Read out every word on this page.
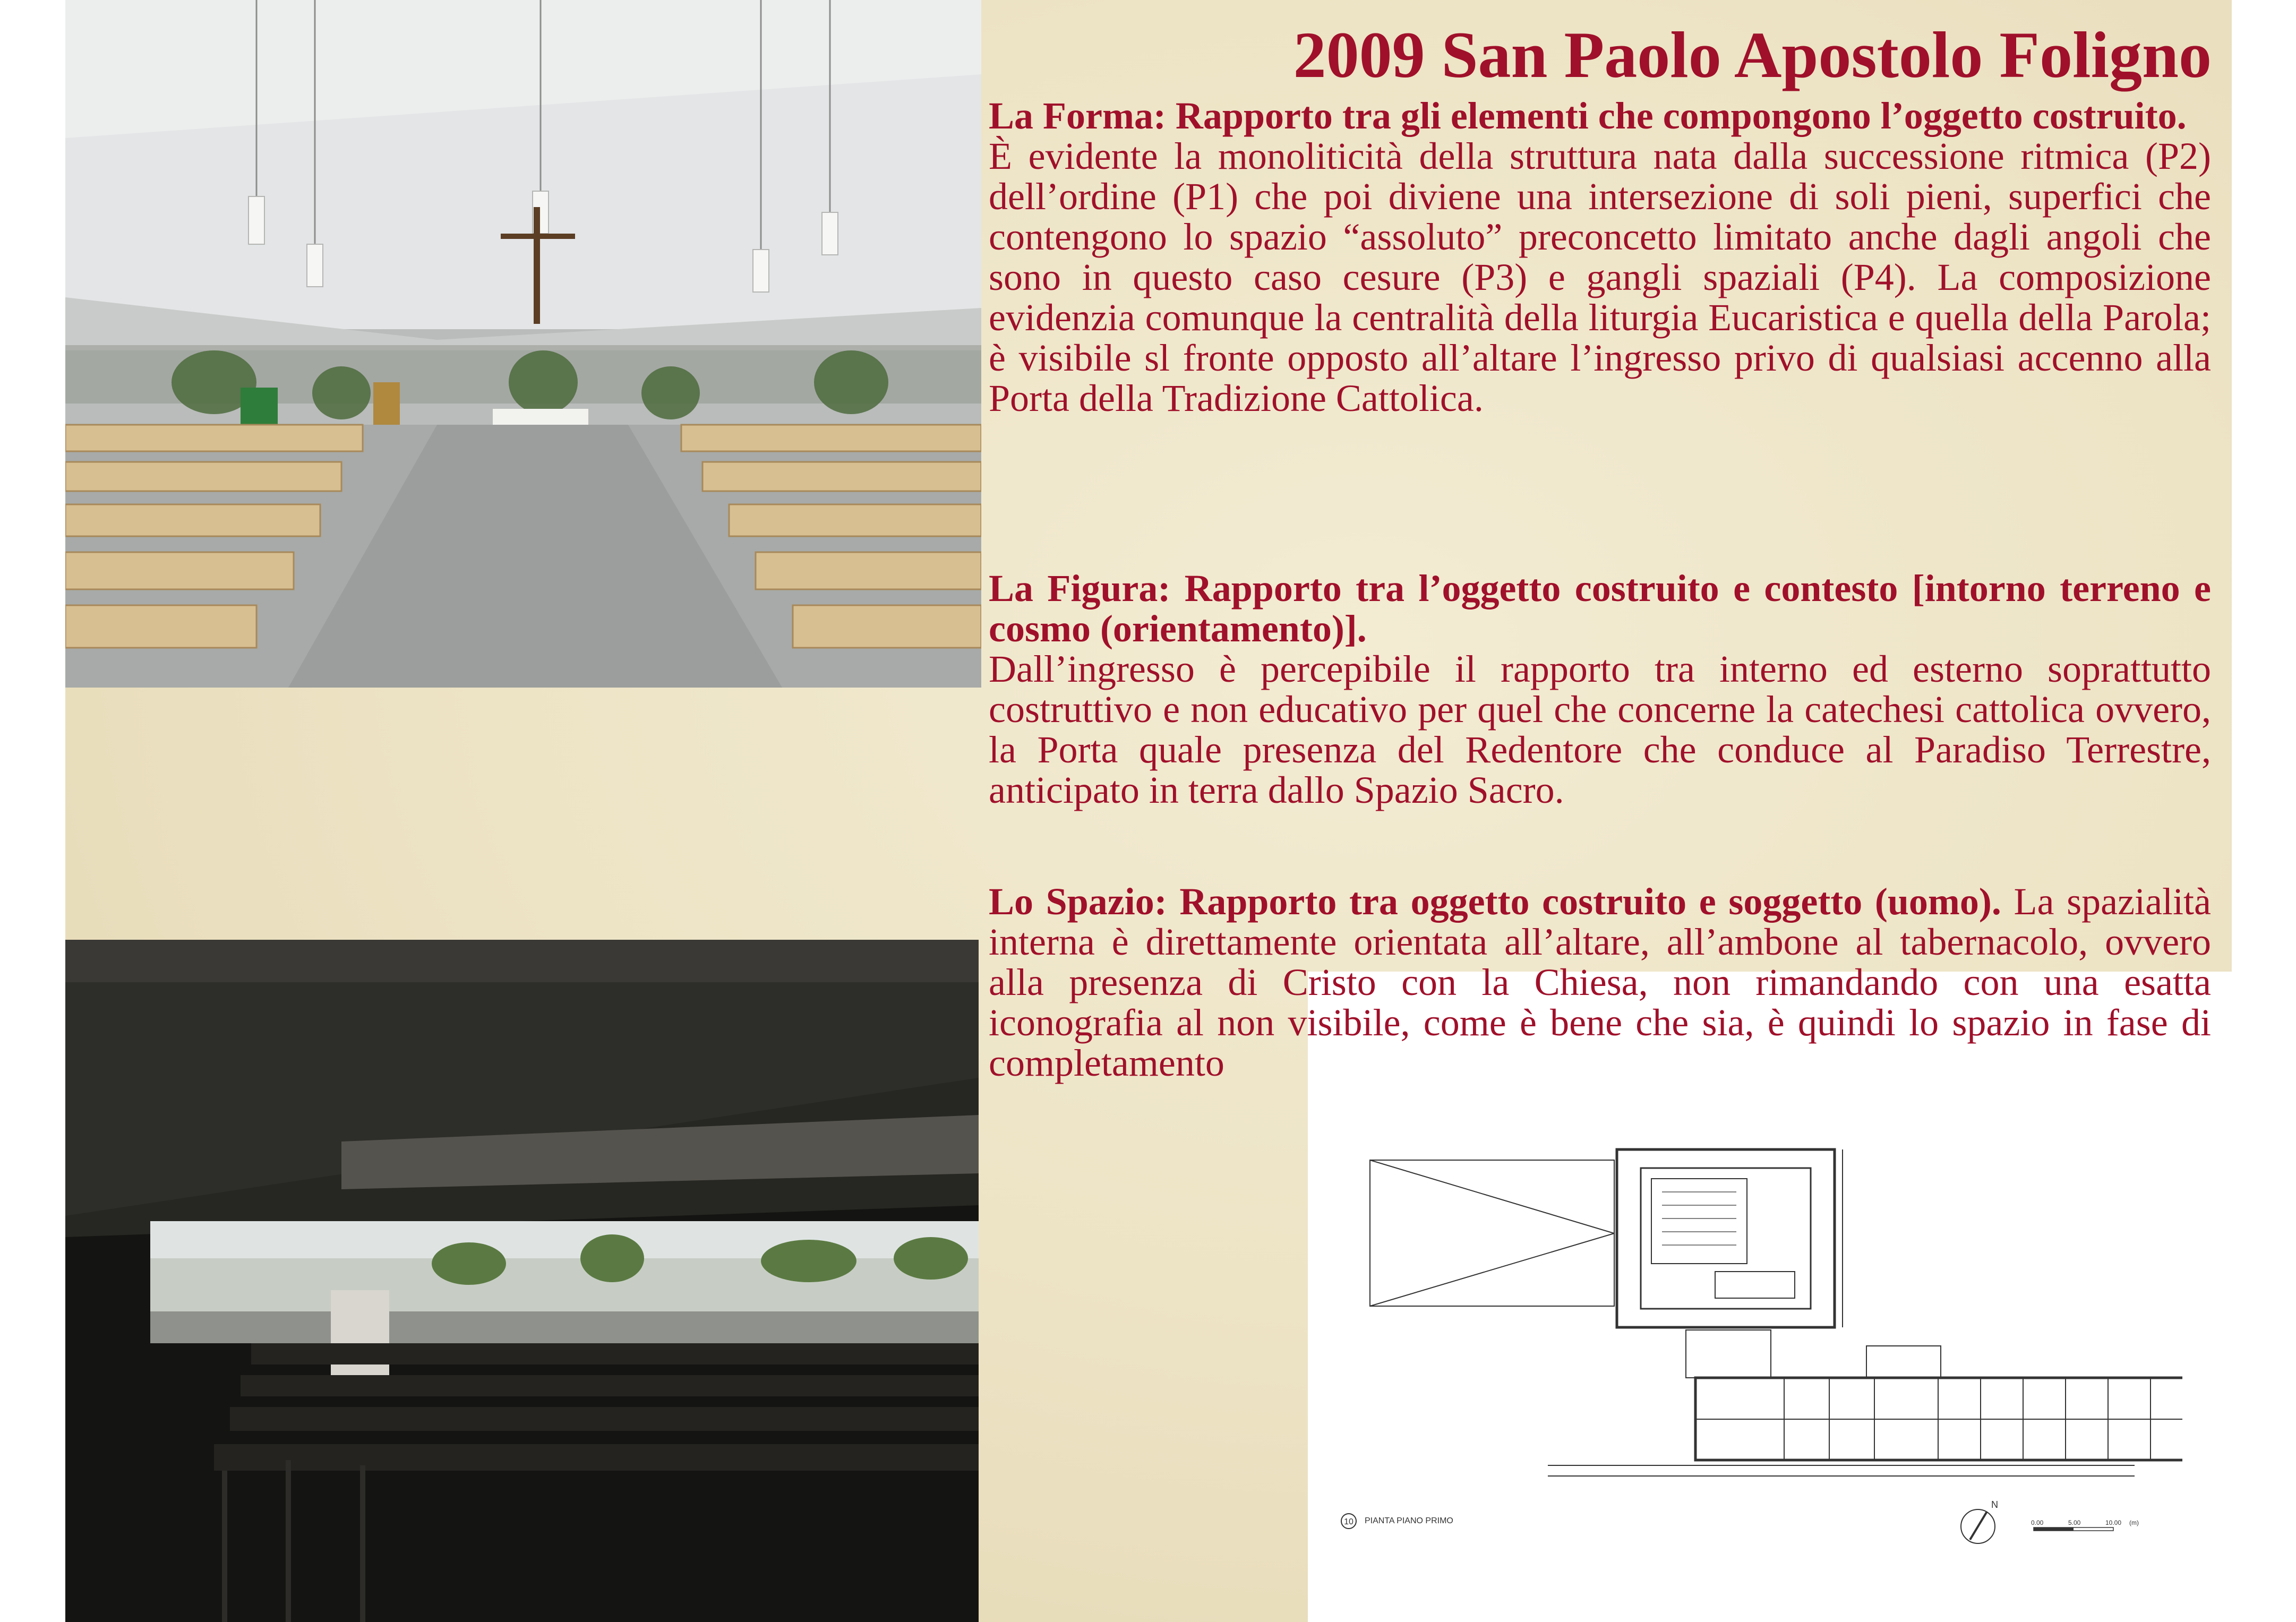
2009 San Paolo Apostolo Foligno
La Forma: Rapporto tra gli elementi che compongono l’oggetto costruito.
È evidente la monoliticità della struttura nata dalla successione ritmica (P2) dell’ordine (P1) che poi diviene una intersezione di soli pieni, superfici che contengono lo spazio “assoluto” preconcetto limitato anche dagli angoli che sono in questo caso cesure (P3) e gangli spaziali (P4). La composizione evidenzia comunque la centralità della liturgia Eucaristica e quella della Parola; è visibile sl fronte opposto all’altare l’ingresso privo di qualsiasi accenno alla Porta della Tradizione Cattolica.
La Figura: Rapporto tra l’oggetto costruito e contesto [intorno terreno e cosmo (orientamento)].
Dall’ingresso è percepibile il rapporto tra interno ed esterno soprattutto costruttivo e non educativo per quel che concerne la catechesi cattolica ovvero, la Porta quale presenza del Redentore che conduce al Paradiso Terrestre, anticipato in terra dallo Spazio Sacro.
Lo Spazio: Rapporto tra oggetto costruito e soggetto (uomo). La spazialità interna è direttamente orientata all’altare, all’ambone al tabernacolo, ovvero alla presenza di Cristo con la Chiesa, non rimandando con una esatta iconografia al non visibile, come è bene che sia, è quindi lo spazio in fase di completamento
10 PIANTA PIANO PRIMO
N
0.00	5.00	10.00 (m)
